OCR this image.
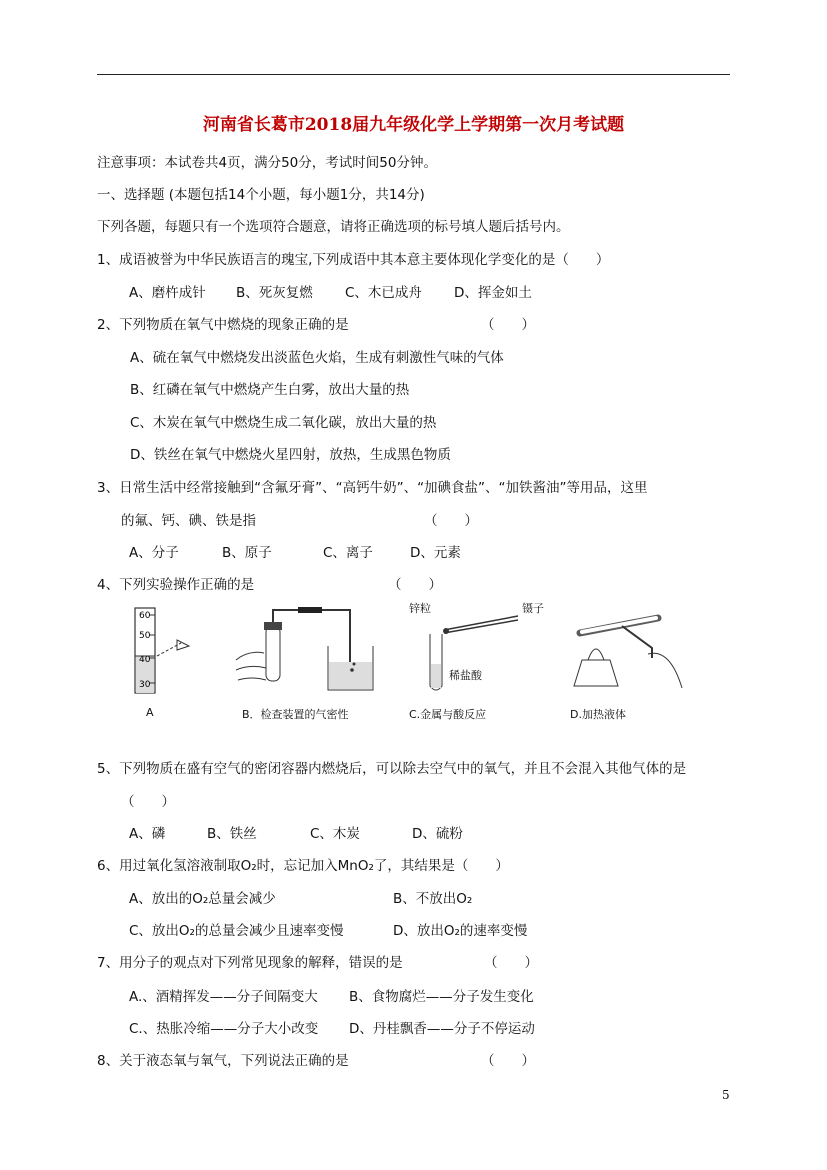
河南省长葛市2018届九年级化学上学期第一次月考试题
注意事项：本试卷共4页，满分50分，考试时间50分钟。
一、选择题 (本题包括14个小题，每小题1分，共14分)
下列各题，每题只有一个选项符合题意，请将正确选项的标号填人题后括号内。
1、成语被誉为中华民族语言的瑰宝,下列成语中其本意主要体现化学变化的是（　　）
A、磨杵成针 B、死灰复燃 C、木已成舟 D、挥金如土
2、下列物质在氧气中燃烧的现象正确的是	（　　）
A、硫在氧气中燃烧发出淡蓝色火焰，生成有刺激性气味的气体
B、红磷在氧气中燃烧产生白雾，放出大量的热
C、木炭在氧气中燃烧生成二氧化碳，放出大量的热
D、铁丝在氧气中燃烧火星四射，放热，生成黑色物质
3、日常生活中经常接触到“含氟牙膏”、“高钙牛奶”、“加碘食盐”、“加铁酱油”等用品，这里
的氟、钙、碘、铁是指	（　　）
A、分子	B、原子	C、离子	D、元素
4、下列实验操作正确的是	（　　）
60
50
40
30
A	B．检查装置的气密性
锌粒	镊子
稀盐酸
C.金属与酸反应	D.加热液体
5、下列物质在盛有空气的密闭容器内燃烧后，可以除去空气中的氧气，并且不会混入其他气体的是
（　　）
A、磷	B、铁丝	C、木炭	D、硫粉
6、用过氧化氢溶液制取O₂时，忘记加入MnO₂了，其结果是（　　）
A、放出的O₂总量会减少	B、不放出O₂
C、放出O₂的总量会减少且速率变慢	D、放出O₂的速率变慢
7、用分子的观点对下列常见现象的解释，错误的是	（　　）
A.、酒精挥发——分子间隔变大 B、食物腐烂——分子发生变化
C.、热胀冷缩——分子大小改变 D、丹桂飘香——分子不停运动
8、关于液态氧与氧气，下列说法正确的是	（　　）
5
